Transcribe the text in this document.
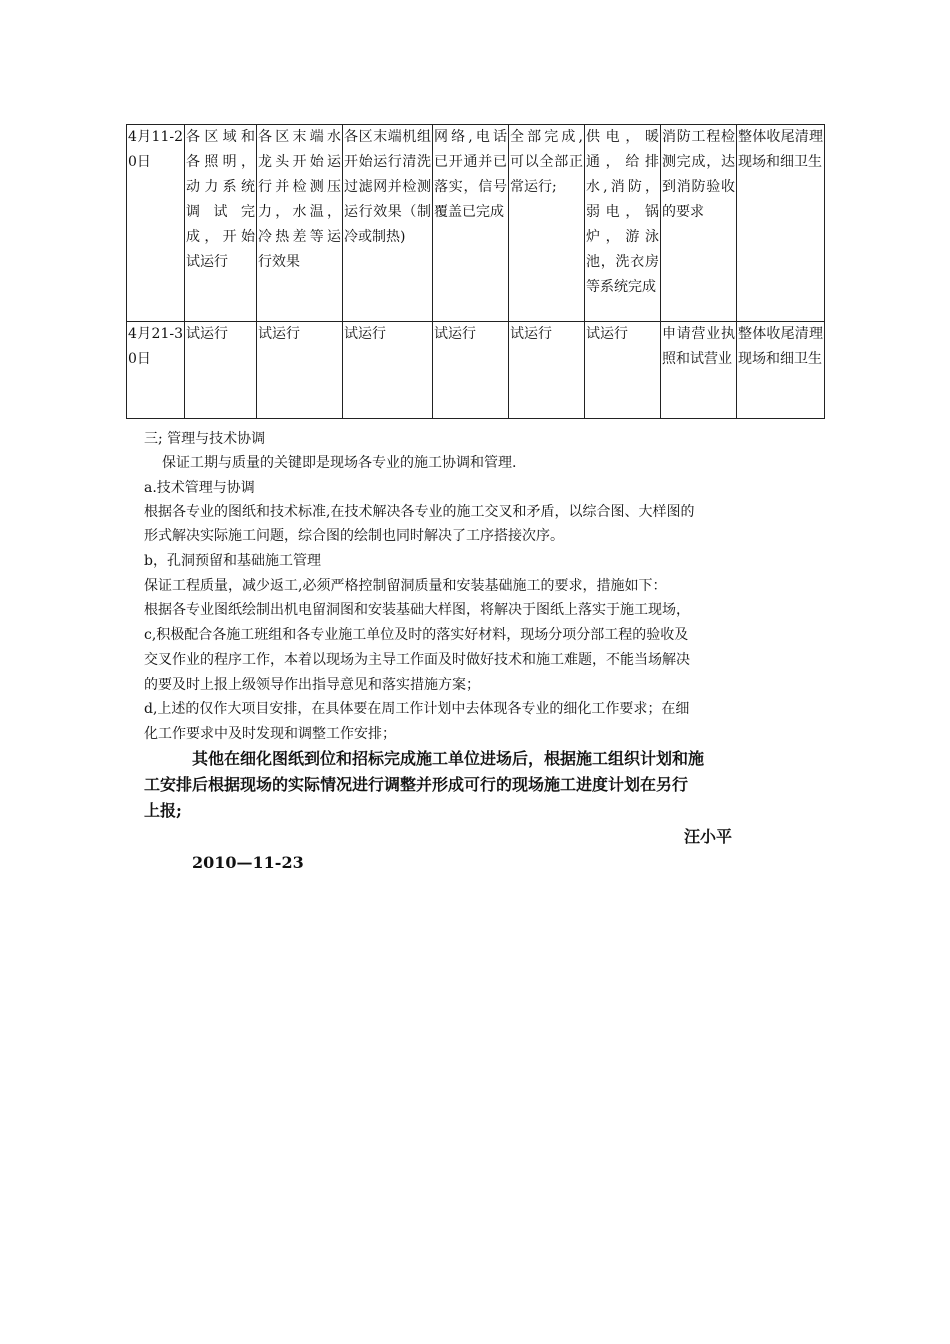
4月11-20日	各区域和各照明，动力系统调试完成，开始试运行	各区末端水龙头开始运行并检测压力，水温，冷热差等运行效果	各区末端机组开始运行清洗过滤网并检测运行效果（制冷或制热)	网络,电话已开通并已落实，信号覆盖已完成	全部完成,可以全部正常运行;	供电，暖通，给排水,消防，弱电，锅炉，游泳池，洗衣房等系统完成	消防工程检测完成，达到消防验收的要求	整体收尾清理现场和细卫生
4月21-30日	试运行	试运行	试运行	试运行	试运行	试运行	申请营业执照和试营业	整体收尾清理现场和细卫生

三; 管理与技术协调

保证工期与质量的关键即是现场各专业的施工协调和管理.

a.技术管理与协调

根据各专业的图纸和技术标准,在技术解决各专业的施工交叉和矛盾，以综合图、大样图的

形式解决实际施工问题，综合图的绘制也同时解决了工序搭接次序。

b，孔洞预留和基础施工管理

保证工程质量，减少返工,必须严格控制留洞质量和安装基础施工的要求，措施如下：

根据各专业图纸绘制出机电留洞图和安装基础大样图，将解决于图纸上落实于施工现场，

c,积极配合各施工班组和各专业施工单位及时的落实好材料，现场分项分部工程的验收及

交叉作业的程序工作，本着以现场为主导工作面及时做好技术和施工难题，不能当场解决

的要及时上报上级领导作出指导意见和落实措施方案；

d,上述的仅作大项目安排，在具体要在周工作计划中去体现各专业的细化工作要求；在细

化工作要求中及时发现和调整工作安排；

其他在细化图纸到位和招标完成施工单位进场后，根据施工组织计划和施

工安排后根据现场的实际情况进行调整并形成可行的现场施工进度计划在另行

上报;

汪小平

2010—11-23
